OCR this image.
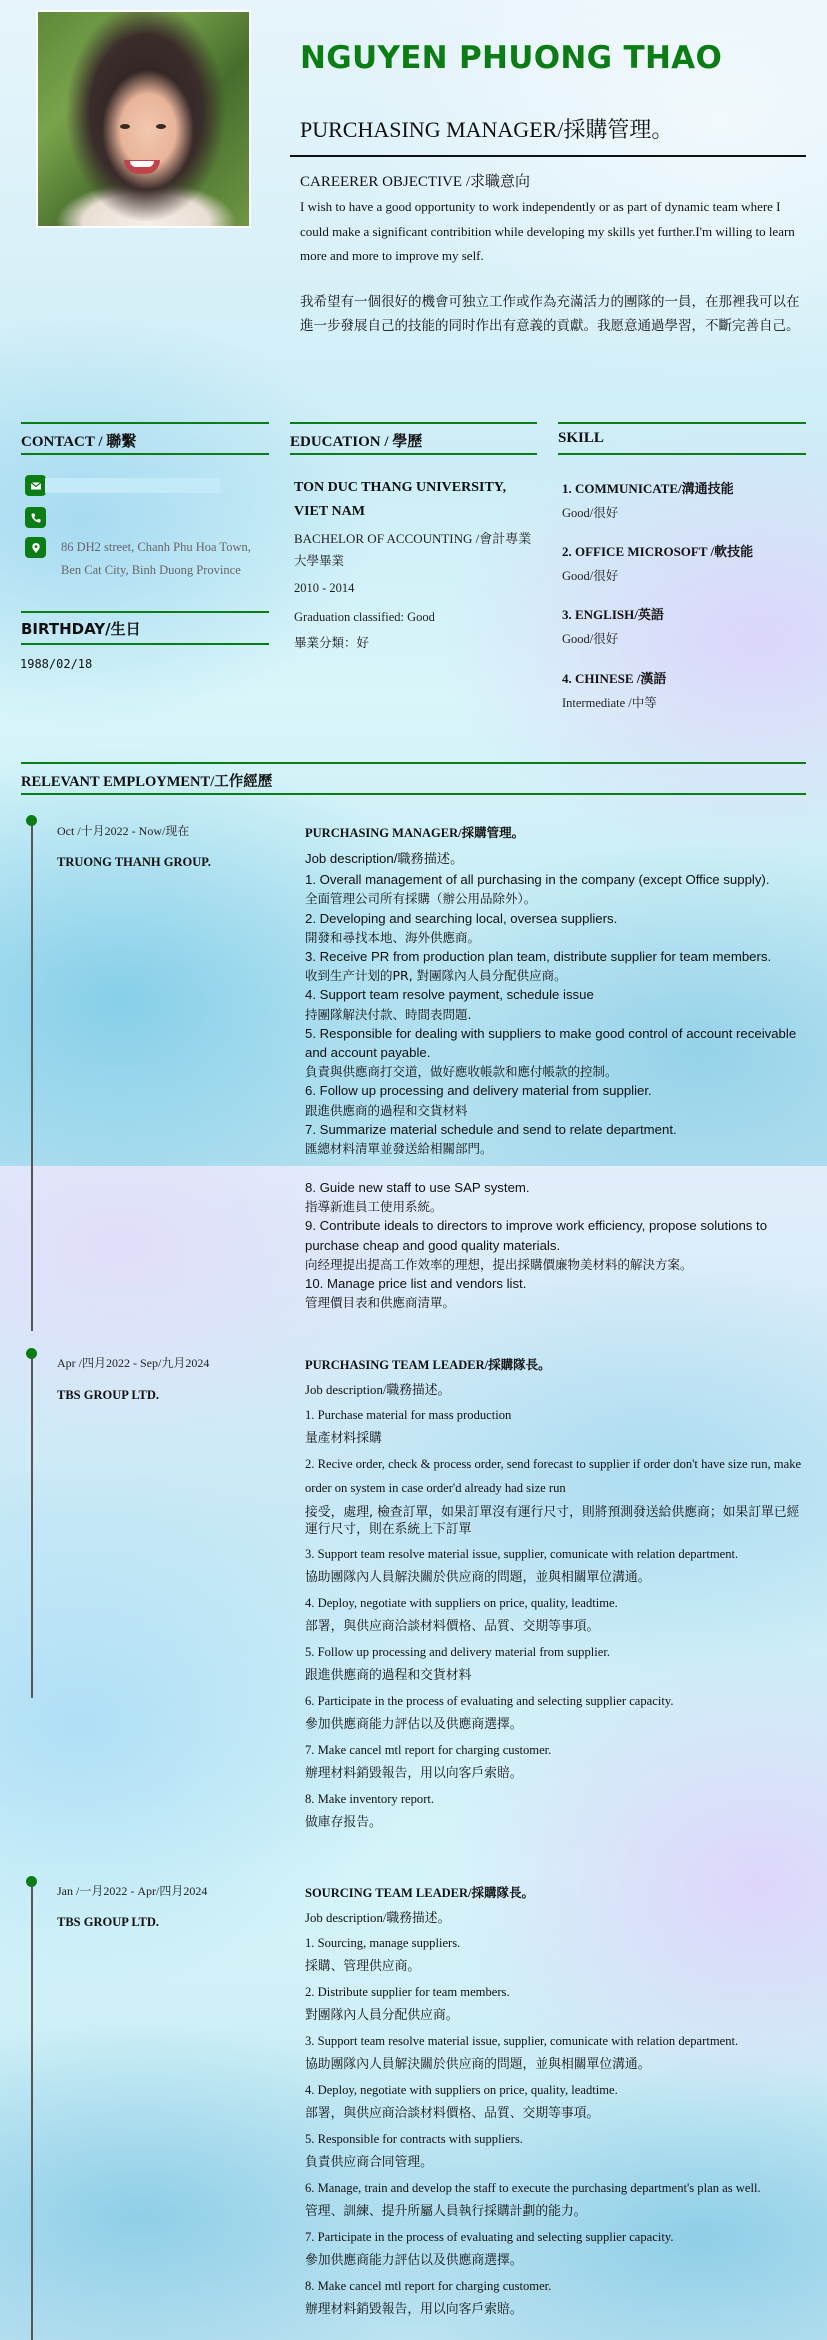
NGUYEN PHUONG THAO
PURCHASING MANAGER/採購管理。
CAREERER OBJECTIVE /求職意向
I wish to have a good opportunity to work independently or as part of dynamic team where I could make a significant contribition while developing my skills yet further.I'm willing to learn more and more to improve my self.
我希望有一個很好的機會可独立工作或作為充滿活力的團隊的一員，在那裡我可以在進一步發展自己的技能的同时作出有意義的貢獻。我愿意通過學習，不斷完善自己。
CONTACT / 聯繫
86 DH2 street, Chanh Phu Hoa Town, Ben Cat City, Binh Duong Province
BIRTHDAY/生日
1988/02/18
EDUCATION / 學歷
TON DUC THANG UNIVERSITY, VIET NAM
BACHELOR OF ACCOUNTING /會計專業
大學畢業
2010 - 2014
Graduation classified: Good
畢業分類：好
SKILL
1. COMMUNICATE/溝通技能
Good/很好
2. OFFICE MICROSOFT /軟技能
Good/很好
3. ENGLISH/英語
Good/很好
4. CHINESE /漢語
Intermediate /中等
RELEVANT EMPLOYMENT/工作經歷
Oct /十月2022 - Now/现在
TRUONG THANH GROUP.
PURCHASING MANAGER/採購管理。
Job description/職務描述。
1. Overall management of all purchasing in the company (except Office supply).
全面管理公司所有採購（辦公用品除外）。
2. Developing and searching local, oversea suppliers.
開發和尋找本地、海外供應商。
3. Receive PR from production plan team, distribute supplier for team members.
收到生产计划的PR, 對團隊內人員分配供应商。
4. Support team resolve payment, schedule issue
持團隊解決付款、時間表問題.
5. Responsible for dealing with suppliers to make good control of account receivable and account payable.
負責與供應商打交道，做好應收帳款和應付帳款的控制。
6. Follow up processing and delivery material from supplier.
跟進供應商的過程和交貨材料
7. Summarize material schedule and send to relate department.
匯總材料清單並發送給相關部門。
8. Guide new staff to use SAP system.
指導新進員工使用系統。
9. Contribute ideals to directors to improve work efficiency, propose solutions to purchase cheap and good quality materials.
向经理提出提高工作效率的理想，提出採購價廉物美材料的解決方案。
10. Manage price list and vendors list.
管理價目表和供應商清單。
Apr /四月2022 - Sep/九月2024
TBS GROUP LTD.
PURCHASING TEAM LEADER/採購隊長。
Job description/職務描述。
1. Purchase material for mass production
量產材料採購
2. Recive order, check & process order, send forecast to supplier if order don't have size run, make order on system in case order'd already had size run
接受，處理, 檢查訂單，如果訂單沒有運行尺寸，則將預測發送給供應商；如果訂單已經運行尺寸，則在系統上下訂單
3. Support team resolve material issue, supplier, comunicate with relation department.
協助團隊內人員解決關於供应商的問題，並與相關單位溝通。
4. Deploy, negotiate with suppliers on price, quality, leadtime.
部署，與供应商洽談材料價格、品質、交期等事項。
5. Follow up processing and delivery material from supplier.
跟進供應商的過程和交貨材料
6. Participate in the process of evaluating and selecting supplier capacity.
參加供應商能力評估以及供應商選擇。
7. Make cancel mtl report for charging customer.
辦理材料銷毀報告，用以向客戶索賠。
8. Make inventory report.
做庫存报告。
Jan /一月2022 - Apr/四月2024
TBS GROUP LTD.
SOURCING TEAM LEADER/採購隊長。
Job description/職務描述。
1. Sourcing, manage suppliers.
採購、管理供应商。
2. Distribute supplier for team members.
對團隊內人員分配供应商。
3. Support team resolve material issue, supplier, comunicate with relation department.
協助團隊內人員解決關於供应商的問題，並與相關單位溝通。
4. Deploy, negotiate with suppliers on price, quality, leadtime.
部署，與供应商洽談材料價格、品質、交期等事項。
5. Responsible for contracts with suppliers.
負責供应商合同管理。
6. Manage, train and develop the staff to execute the purchasing department's plan as well.
管理、訓練、提升所屬人員執行採購計劃的能力。
7. Participate in the process of evaluating and selecting supplier capacity.
參加供應商能力評估以及供應商選擇。
8. Make cancel mtl report for charging customer.
辦理材料銷毀報告，用以向客戶索賠。
